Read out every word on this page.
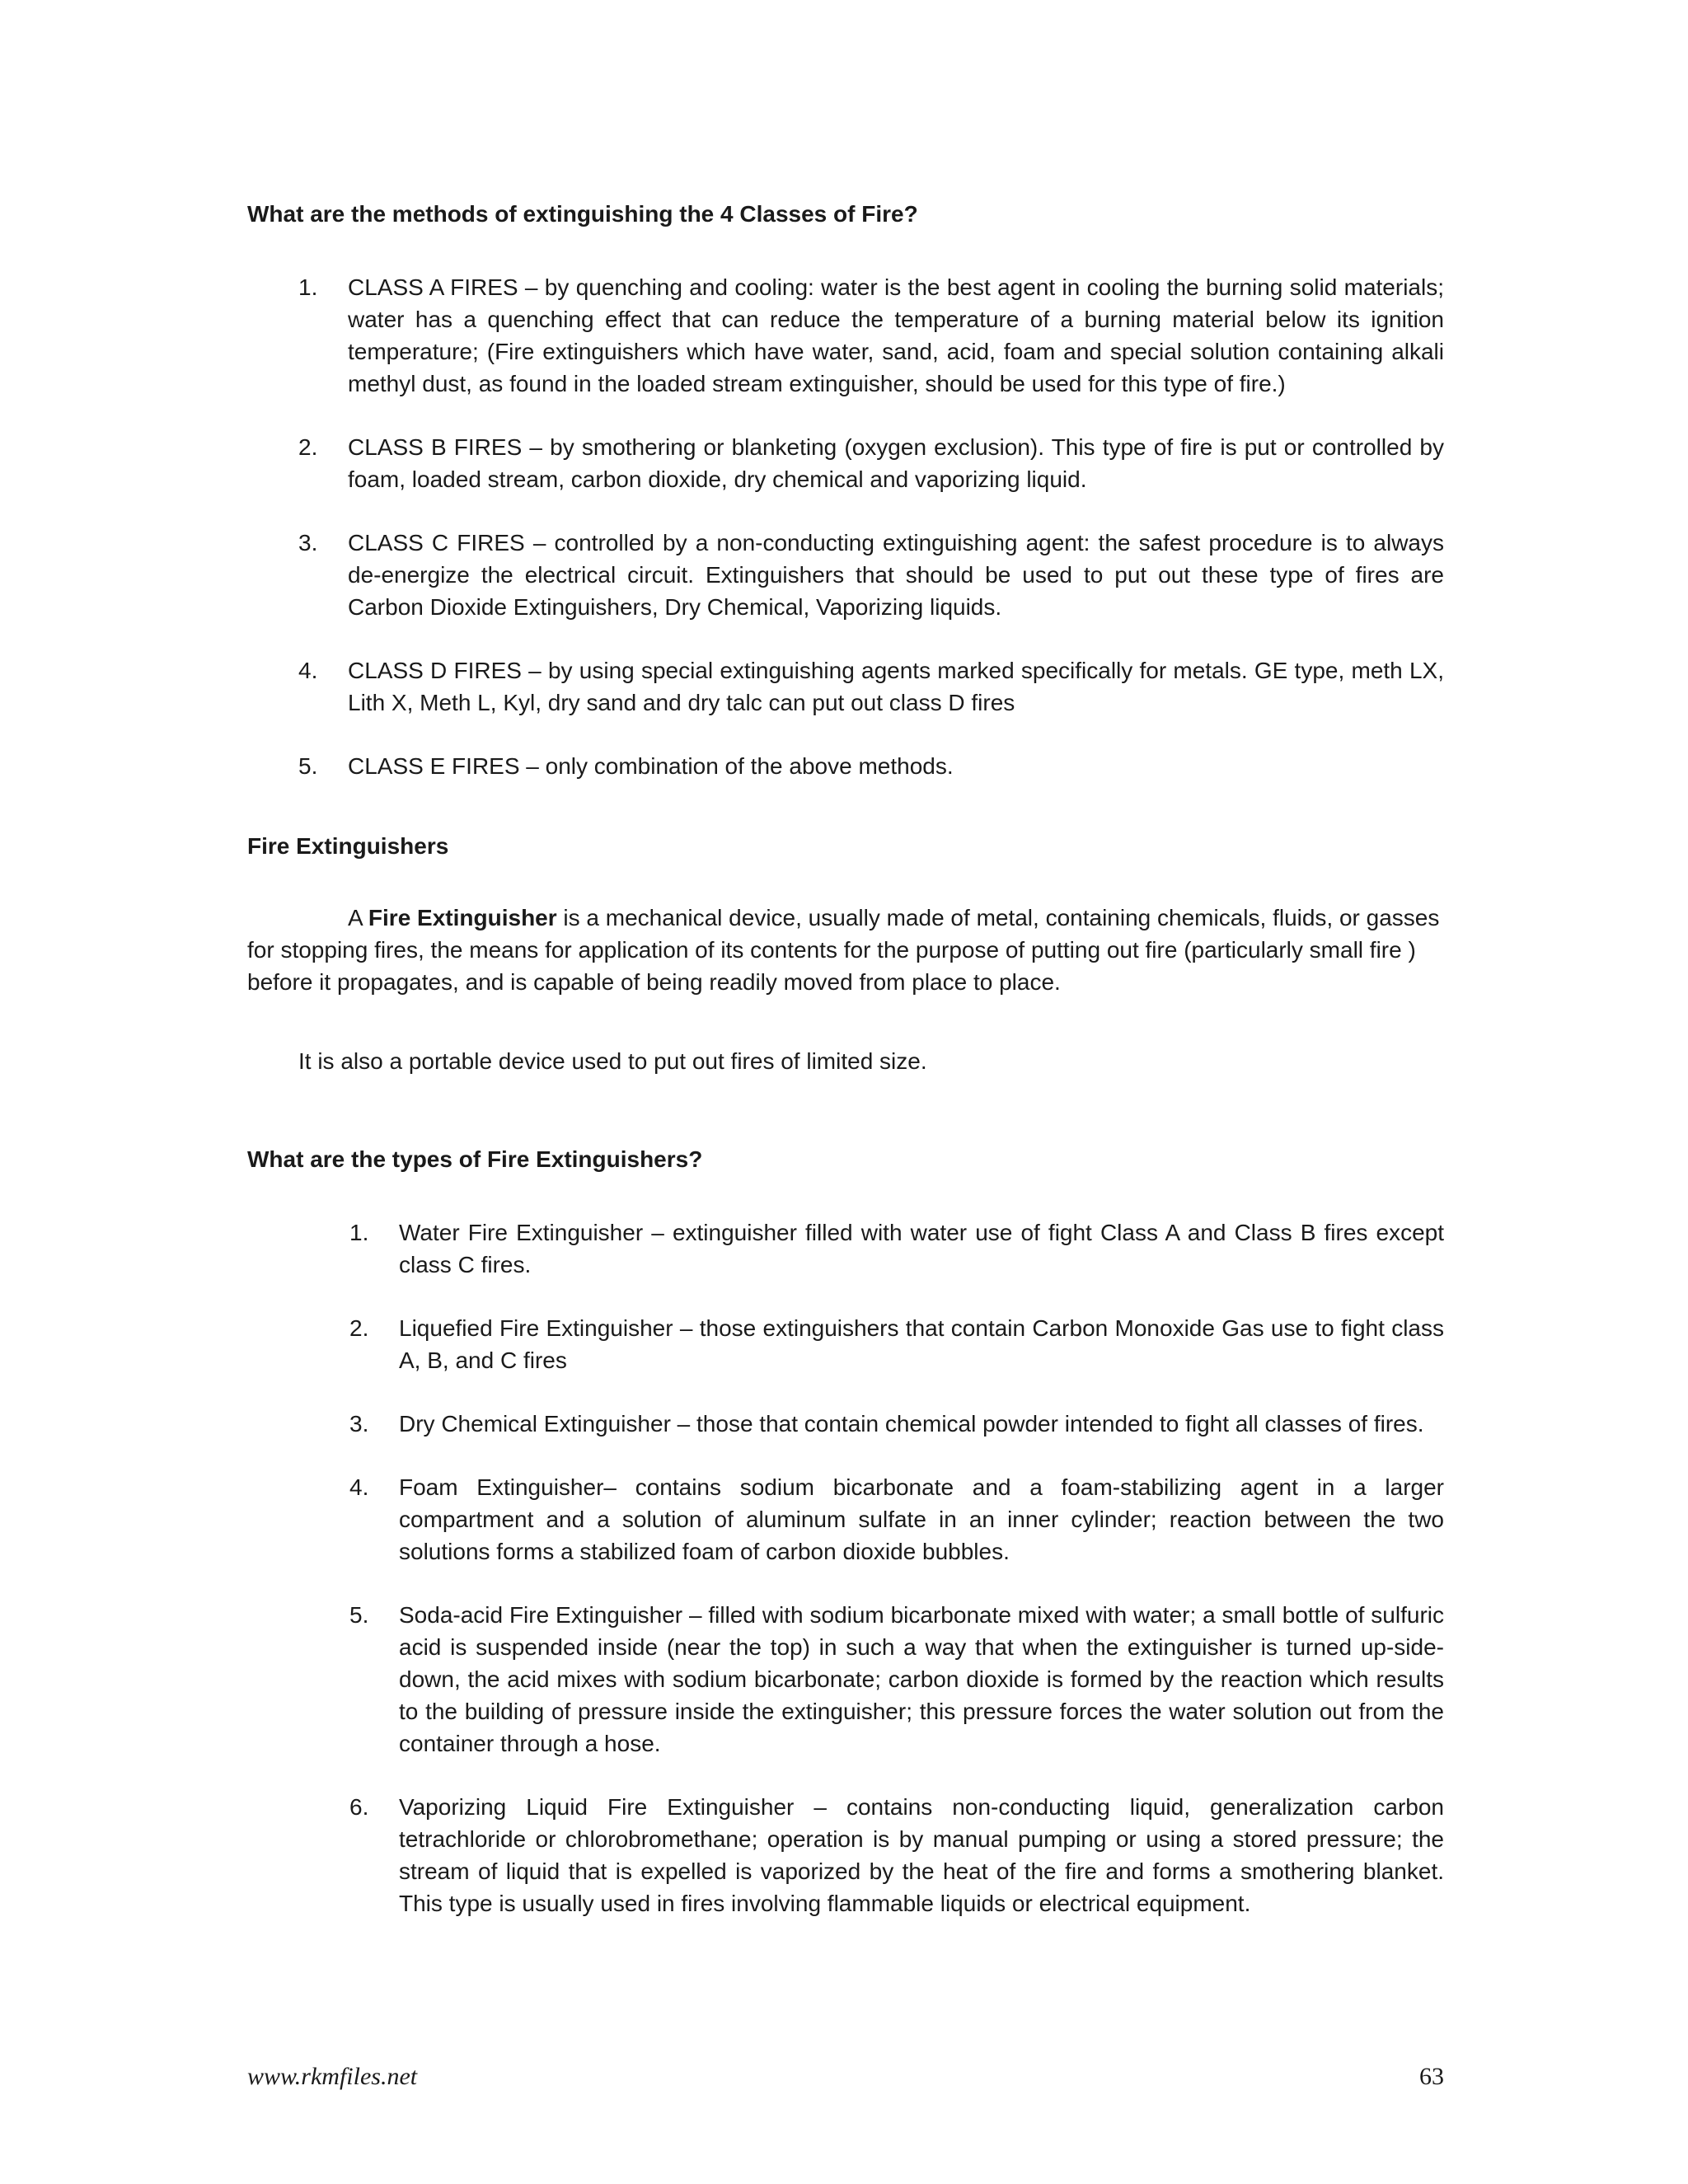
What are the methods of extinguishing the 4 Classes of Fire?
1. CLASS A FIRES – by quenching and cooling: water is the best agent in cooling the burning solid materials; water has a quenching effect that can reduce the temperature of a burning material below its ignition temperature; (Fire extinguishers which have water, sand, acid, foam and special solution containing alkali methyl dust, as found in the loaded stream extinguisher, should be used for this type of fire.)
2. CLASS B FIRES – by smothering or blanketing (oxygen exclusion). This type of fire is put or controlled by foam, loaded stream, carbon dioxide, dry chemical and vaporizing liquid.
3. CLASS C FIRES – controlled by a non-conducting extinguishing agent: the safest procedure is to always de-energize the electrical circuit. Extinguishers that should be used to put out these type of fires are Carbon Dioxide Extinguishers, Dry Chemical, Vaporizing liquids.
4. CLASS D FIRES – by using special extinguishing agents marked specifically for metals. GE type, meth LX, Lith X, Meth L, Kyl, dry sand and dry talc can put out class D fires
5. CLASS E FIRES – only combination of the above methods.
Fire Extinguishers

A Fire Extinguisher is a mechanical device, usually made of metal, containing chemicals, fluids, or gasses for stopping fires, the means for application of its contents for the purpose of putting out fire (particularly small fire ) before it propagates, and is capable of being readily moved from place to place.

It is also a portable device used to put out fires of limited size.

What are the types of Fire Extinguishers?
1. Water Fire Extinguisher – extinguisher filled with water use of fight Class A and Class B fires except class C fires.
2. Liquefied Fire Extinguisher – those extinguishers that contain Carbon Monoxide Gas use to fight class A, B, and C fires
3. Dry Chemical Extinguisher – those that contain chemical powder intended to fight all classes of fires.
4. Foam Extinguisher– contains sodium bicarbonate and a foam-stabilizing agent in a larger compartment and a solution of aluminum sulfate in an inner cylinder; reaction between the two solutions forms a stabilized foam of carbon dioxide bubbles.
5. Soda-acid Fire Extinguisher – filled with sodium bicarbonate mixed with water; a small bottle of sulfuric acid is suspended inside (near the top) in such a way that when the extinguisher is turned up-side-down, the acid mixes with sodium bicarbonate; carbon dioxide is formed by the reaction which results to the building of pressure inside the extinguisher; this pressure forces the water solution out from the container through a hose.
6. Vaporizing Liquid Fire Extinguisher – contains non-conducting liquid, generalization carbon tetrachloride or chlorobromethane; operation is by manual pumping or using a stored pressure; the stream of liquid that is expelled is vaporized by the heat of the fire and forms a smothering blanket. This type is usually used in fires involving flammable liquids or electrical equipment.
www.rkmfiles.net	63
